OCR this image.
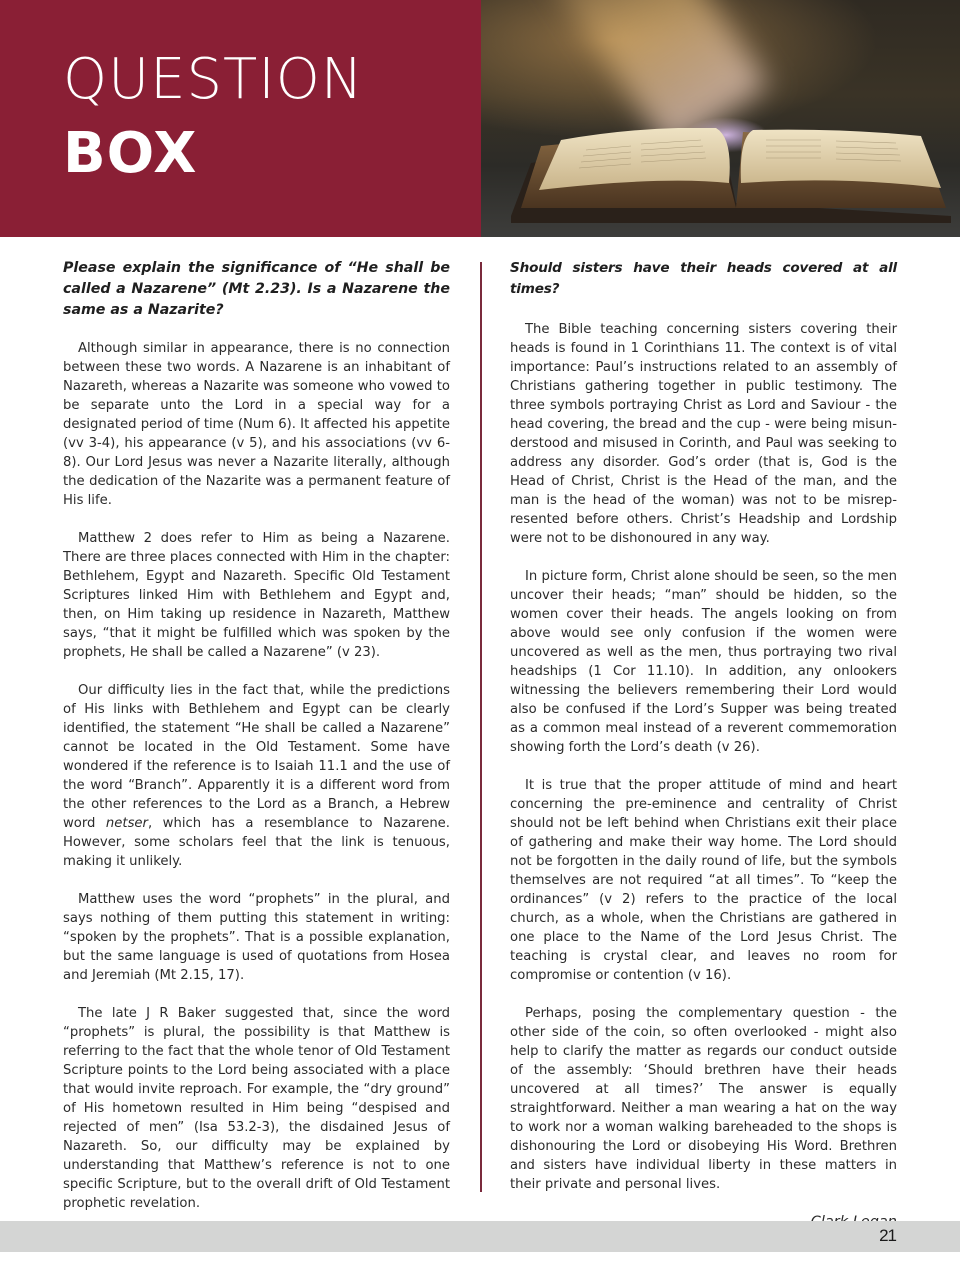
QUESTION
BOX

Please explain the significance of “He shall be called a Nazarene” (Mt 2.23). Is a Nazarene the same as a Nazarite?

Although similar in appearance, there is no connection between these two words. A Nazarene is an inhabitant of Nazareth, whereas a Nazarite was someone who vowed to be separate unto the Lord in a special way for a designated period of time (Num 6). It affected his appetite (vv 3-4), his appearance (v 5), and his associations (vv 6-8). Our Lord Jesus was never a Nazarite literally, although the dedication of the Nazarite was a permanent feature of His life.

Matthew 2 does refer to Him as being a Nazarene. There are three places connected with Him in the chapter: Bethlehem, Egypt and Nazareth. Specific Old Testament Scriptures linked Him with Bethlehem and Egypt and, then, on Him taking up residence in Nazareth, Matthew says, “that it might be fulfilled which was spoken by the prophets, He shall be called a Nazarene” (v 23).

Our difficulty lies in the fact that, while the predictions of His links with Bethlehem and Egypt can be clearly identified, the statement “He shall be called a Nazarene” cannot be located in the Old Testament. Some have wondered if the reference is to Isaiah 11.1 and the use of the word “Branch”. Apparently it is a different word from the other references to the Lord as a Branch, a Hebrew word netser, which has a resemblance to Nazarene. However, some scholars feel that the link is tenuous, making it unlikely.

Matthew uses the word “prophets” in the plural, and says nothing of them putting this statement in writing: “spoken by the prophets”. That is a possible explanation, but the same language is used of quotations from Hosea and Jeremiah (Mt 2.15, 17).

The late J R Baker suggested that, since the word “prophets” is plural, the possibility is that Matthew is referring to the fact that the whole tenor of Old Testament Scripture points to the Lord being associated with a place that would invite reproach. For example, the “dry ground” of His hometown resulted in Him being “despised and rejected of men” (Isa 53.2-3), the disdained Jesus of Nazareth. So, our difficulty may be explained by understanding that Matthew’s reference is not to one specific Scripture, but to the overall drift of Old Testament prophetic revelation.

Should sisters have their heads covered at all times?

The Bible teaching concerning sisters covering their heads is found in 1 Corinthians 11. The context is of vital importance: Paul’s instructions related to an assembly of Christians gathering together in public testimony. The three symbols portraying Christ as Lord and Saviour - the head covering, the bread and the cup - were being misunderstood and misused in Corinth, and Paul was seeking to address any disorder. God’s order (that is, God is the Head of Christ, Christ is the Head of the man, and the man is the head of the woman) was not to be misrepresented before others. Christ’s Headship and Lordship were not to be dishonoured in any way.

In picture form, Christ alone should be seen, so the men uncover their heads; “man” should be hidden, so the women cover their heads. The angels looking on from above would see only confusion if the women were uncovered as well as the men, thus portraying two rival headships (1 Cor 11.10). In addition, any onlookers witnessing the believers remembering their Lord would also be confused if the Lord’s Supper was being treated as a common meal instead of a reverent commemoration showing forth the Lord’s death (v 26).

It is true that the proper attitude of mind and heart concerning the pre-eminence and centrality of Christ should not be left behind when Christians exit their place of gathering and make their way home. The Lord should not be forgotten in the daily round of life, but the symbols themselves are not required “at all times”. To “keep the ordinances” (v 2) refers to the practice of the local church, as a whole, when the Christians are gathered in one place to the Name of the Lord Jesus Christ. The teaching is crystal clear, and leaves no room for compromise or contention (v 16).

Perhaps, posing the complementary question - the other side of the coin, so often overlooked - might also help to clarify the matter as regards our conduct outside of the assembly: ‘Should brethren have their heads uncovered at all times?’ The answer is equally straightforward. Neither a man wearing a hat on the way to work nor a woman walking bareheaded to the shops is dishonouring the Lord or disobeying His Word. Brethren and sisters have individual liberty in these matters in their private and personal lives.

21
